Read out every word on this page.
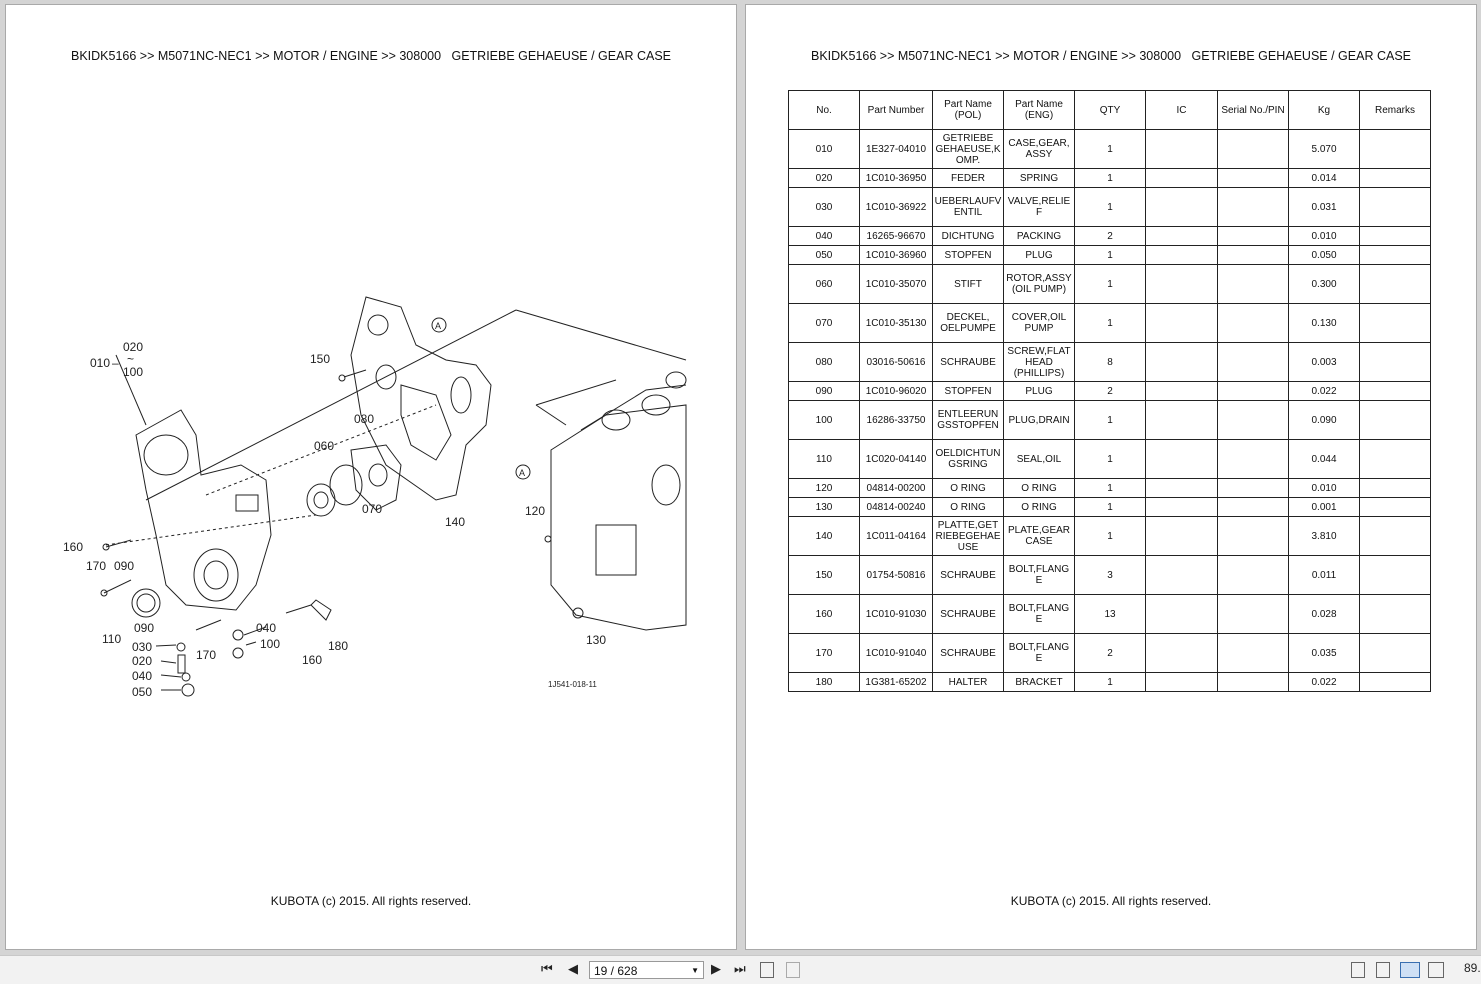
BKIDK5166 >> M5071NC-NEC1 >> MOTOR / ENGINE >> 308000   GETRIEBE GEHAEUSE / GEAR CASE
010 –
020
~
100
150
080
060
070
140
120
130
160
170 090
090
110
030
020
040
050
170
040
100
160
180
A
A
1J541-018-11
KUBOTA (c) 2015. All rights reserved.
BKIDK5166 >> M5071NC-NEC1 >> MOTOR / ENGINE >> 308000   GETRIEBE GEHAEUSE / GEAR CASE
No.	Part Number	Part Name (POL)	Part Name (ENG)	QTY	IC	Serial No./PIN	Kg	Remarks
010	1E327-04010	GETRIEBE GEHAEUSE,K OMP.	CASE,GEAR, ASSY	1			5.070	
020	1C010-36950	FEDER	SPRING	1			0.014	
030	1C010-36922	UEBERLAUFV ENTIL	VALVE,RELIE F	1			0.031	
040	16265-96670	DICHTUNG	PACKING	2			0.010	
050	1C010-36960	STOPFEN	PLUG	1			0.050	
060	1C010-35070	STIFT	ROTOR,ASSY (OIL PUMP)	1			0.300	
070	1C010-35130	DECKEL, OELPUMPE	COVER,OIL PUMP	1			0.130	
080	03016-50616	SCHRAUBE	SCREW,FLAT HEAD (PHILLIPS)	8			0.003	
090	1C010-96020	STOPFEN	PLUG	2			0.022	
100	16286-33750	ENTLEERUN GSSTOPFEN	PLUG,DRAIN	1			0.090	
110	1C020-04140	OELDICHTUN GSRING	SEAL,OIL	1			0.044	
120	04814-00200	O RING	O RING	1			0.010	
130	04814-00240	O RING	O RING	1			0.001	
140	1C011-04164	PLATTE,GET RIEBEGEHAE USE	PLATE,GEAR CASE	1			3.810	
150	01754-50816	SCHRAUBE	BOLT,FLANG E	3			0.011	
160	1C010-91030	SCHRAUBE	BOLT,FLANG E	13			0.028	
170	1C010-91040	SCHRAUBE	BOLT,FLANG E	2			0.035	
180	1G381-65202	HALTER	BRACKET	1			0.022	
KUBOTA (c) 2015. All rights reserved.
⏮ ◀	19 / 628	▼ ▶ ⏭	89.
